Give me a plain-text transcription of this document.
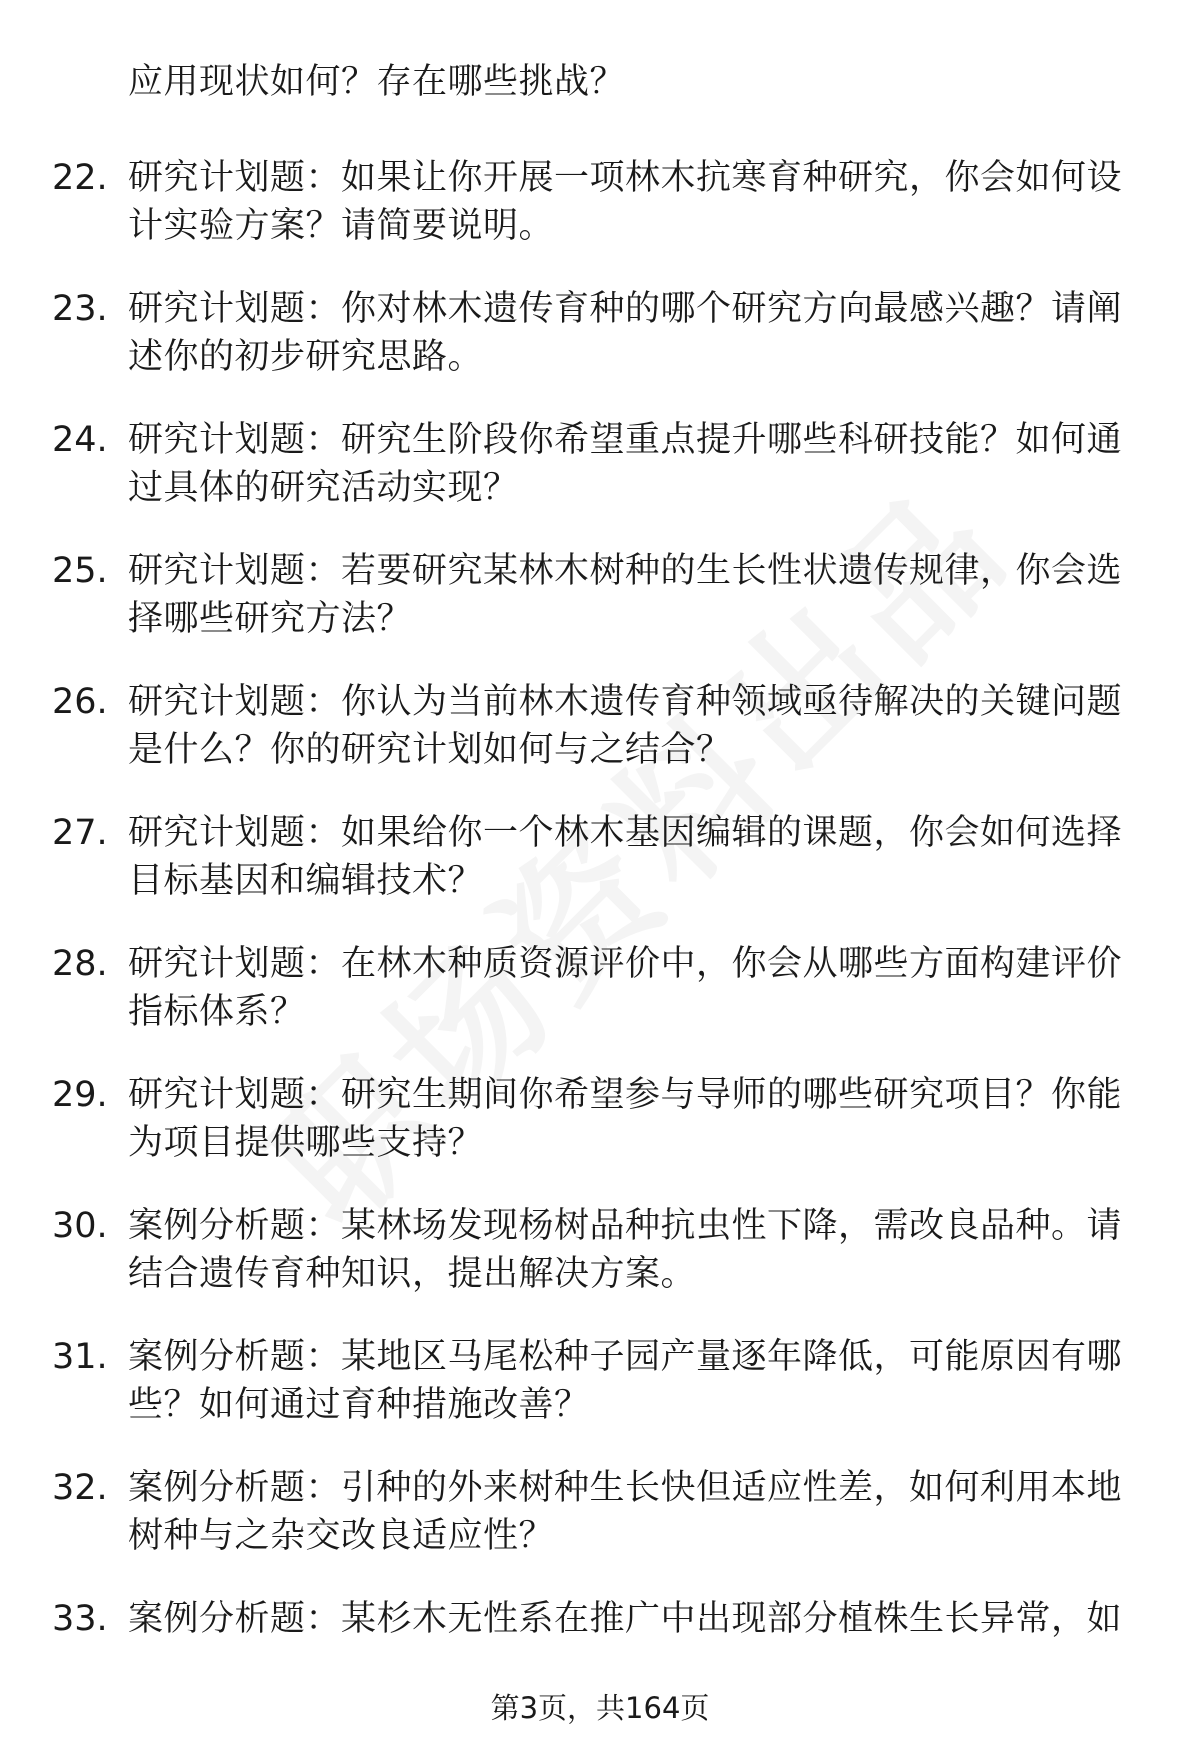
应用现状如何？存在哪些挑战？
22. 研究计划题：如果让你开展一项林木抗寒育种研究，你会如何设计实验方案？请简要说明。
23. 研究计划题：你对林木遗传育种的哪个研究方向最感兴趣？请阐述你的初步研究思路。
24. 研究计划题：研究生阶段你希望重点提升哪些科研技能？如何通过具体的研究活动实现？
25. 研究计划题：若要研究某林木树种的生长性状遗传规律，你会选择哪些研究方法？
26. 研究计划题：你认为当前林木遗传育种领域亟待解决的关键问题是什么？你的研究计划如何与之结合？
27. 研究计划题：如果给你一个林木基因编辑的课题，你会如何选择目标基因和编辑技术？
28. 研究计划题：在林木种质资源评价中，你会从哪些方面构建评价指标体系？
29. 研究计划题：研究生期间你希望参与导师的哪些研究项目？你能为项目提供哪些支持？
30. 案例分析题：某林场发现杨树品种抗虫性下降，需改良品种。请结合遗传育种知识，提出解决方案。
31. 案例分析题：某地区马尾松种子园产量逐年降低，可能原因有哪些？如何通过育种措施改善？
32. 案例分析题：引种的外来树种生长快但适应性差，如何利用本地树种与之杂交改良适应性？
33. 案例分析题：某杉木无性系在推广中出现部分植株生长异常，如
第3页，共164页
